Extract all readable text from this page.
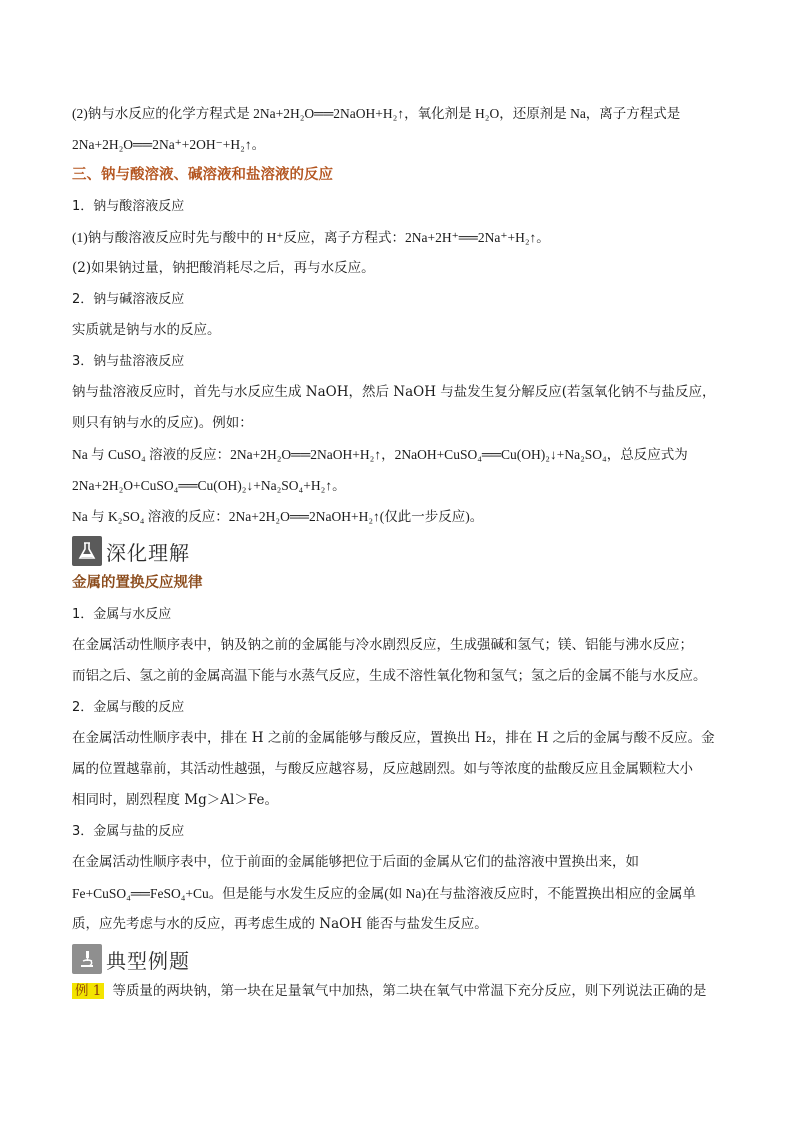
(2)钠与水反应的化学方程式是 2Na+2H₂O══2NaOH+H₂↑，氧化剂是 H₂O，还原剂是 Na，离子方程式是
2Na+2H₂O══2Na⁺+2OH⁻+H₂↑。
三、钠与酸溶液、碱溶液和盐溶液的反应
1．钠与酸溶液反应
(1)钠与酸溶液反应时先与酸中的 H⁺反应，离子方程式：2Na+2H⁺══2Na⁺+H₂↑。
(2)如果钠过量，钠把酸消耗尽之后，再与水反应。
2．钠与碱溶液反应
实质就是钠与水的反应。
3．钠与盐溶液反应
钠与盐溶液反应时，首先与水反应生成 NaOH，然后 NaOH 与盐发生复分解反应(若氢氧化钠不与盐反应，
则只有钠与水的反应)。例如：
Na 与 CuSO₄ 溶液的反应：2Na+2H₂O══2NaOH+H₂↑，2NaOH+CuSO₄══Cu(OH)₂↓+Na₂SO₄，总反应式为
2Na+2H₂O+CuSO₄══Cu(OH)₂↓+Na₂SO₄+H₂↑。
Na 与 K₂SO₄ 溶液的反应：2Na+2H₂O══2NaOH+H₂↑(仅此一步反应)。
深化理解
金属的置换反应规律
1．金属与水反应
在金属活动性顺序表中，钠及钠之前的金属能与冷水剧烈反应，生成强碱和氢气；镁、铝能与沸水反应；
而铝之后、氢之前的金属高温下能与水蒸气反应，生成不溶性氧化物和氢气；氢之后的金属不能与水反应。
2．金属与酸的反应
在金属活动性顺序表中，排在 H 之前的金属能够与酸反应，置换出 H₂，排在 H 之后的金属与酸不反应。金
属的位置越靠前，其活动性越强，与酸反应越容易，反应越剧烈。如与等浓度的盐酸反应且金属颗粒大小
相同时，剧烈程度 Mg＞Al＞Fe。
3．金属与盐的反应
在金属活动性顺序表中，位于前面的金属能够把位于后面的金属从它们的盐溶液中置换出来，如
Fe+CuSO₄══FeSO₄+Cu。但是能与水发生反应的金属(如 Na)在与盐溶液反应时，不能置换出相应的金属单
质，应先考虑与水的反应，再考虑生成的 NaOH 能否与盐发生反应。
典型例题
例 1 等质量的两块钠，第一块在足量氧气中加热，第二块在氧气中常温下充分反应，则下列说法正确的是
